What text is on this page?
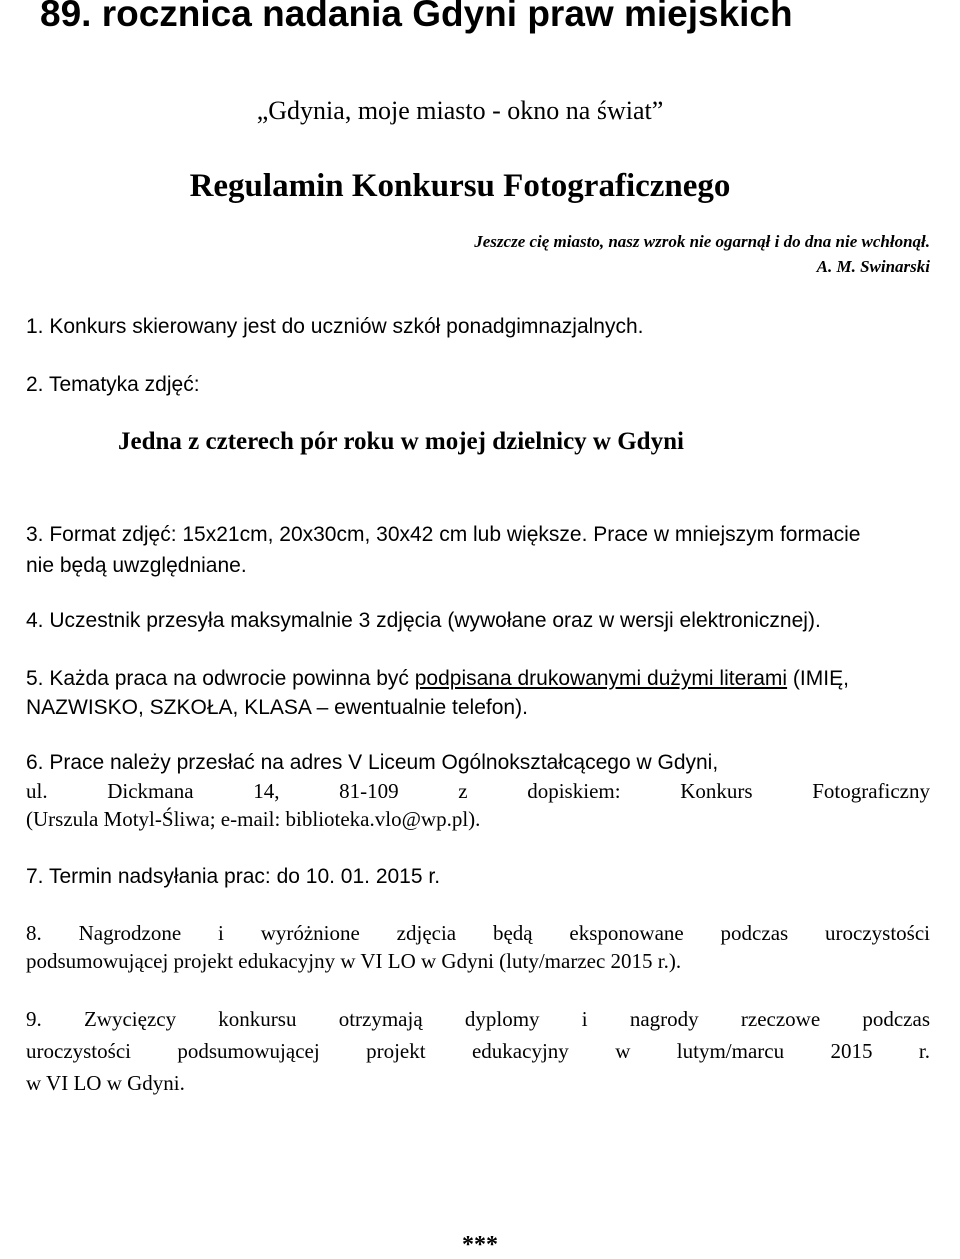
89. rocznica nadania Gdyni praw miejskich
„Gdynia, moje miasto - okno na świat”
Regulamin Konkursu Fotograficznego
Jeszcze cię miasto, nasz wzrok nie ogarnął i do dna nie wchłonął.
A. M. Swinarski
1. Konkurs skierowany jest do uczniów szkół ponadgimnazjalnych.
2. Tematyka zdjęć:
Jedna z czterech pór roku w mojej dzielnicy w Gdyni
3. Format zdjęć: 15x21cm, 20x30cm, 30x42 cm lub większe. Prace w mniejszym formacie
nie będą uwzględniane.
4. Uczestnik przesyła maksymalnie 3 zdjęcia (wywołane oraz w wersji elektronicznej).
5. Każda praca na odwrocie powinna być podpisana drukowanymi dużymi literami (IMIĘ,
NAZWISKO, SZKOŁA, KLASA – ewentualnie telefon).
6. Prace należy przesłać na adres V Liceum Ogólnokształcącego w Gdyni,
ul. Dickmana 14, 81-109 z dopiskiem: Konkurs Fotograficzny
(Urszula Motyl-Śliwa; e-mail: biblioteka.vlo@wp.pl).
7. Termin nadsyłania prac: do 10. 01. 2015 r.
8. Nagrodzone i wyróżnione zdjęcia będą eksponowane podczas uroczystości
podsumowującej projekt edukacyjny w VI LO w Gdyni (luty/marzec 2015 r.).
9. Zwycięzcy konkursu otrzymają dyplomy i nagrody rzeczowe podczas
uroczystości podsumowującej projekt edukacyjny w lutym/marcu 2015 r.
w VI LO w Gdyni.
***
